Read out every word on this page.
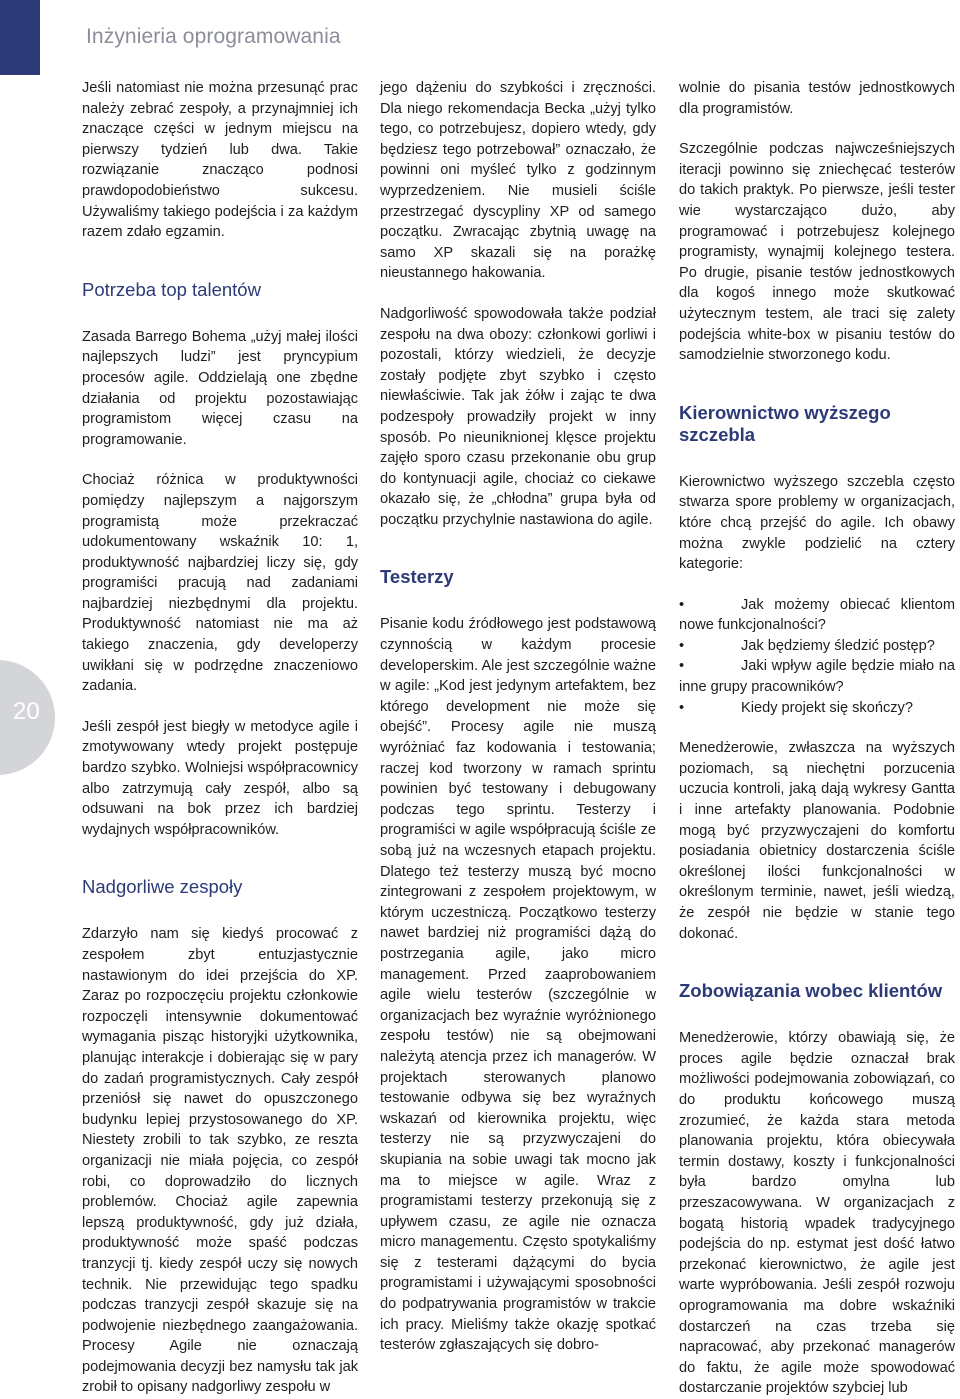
Inżynieria oprogramowania
20

Jeśli natomiast nie można przesunąć prac należy zebrać zespoły, a przynajmniej ich znaczące części w jednym miejscu na pierwszy tydzień lub dwa. Takie rozwiązanie znacząco podnosi prawdopodobieństwo sukcesu. Używaliśmy takiego podejścia i za każdym razem zdało egzamin.

Potrzeba top talentów

Zasada Barrego Bohema „użyj małej ilości najlepszych ludzi” jest pryncypium procesów agile. Oddzielają one zbędne działania od projektu pozostawiając programistom więcej czasu na programowanie.

Chociaż różnica w produktywności pomiędzy najlepszym a najgorszym programistą może przekraczać udokumentowany wskaźnik 10: 1, produktywność najbardziej liczy się, gdy programiści pracują nad zadaniami najbardziej niezbędnymi dla projektu. Produktywność natomiast nie ma aż takiego znaczenia, gdy developerzy uwikłani się w podrzędne znaczeniowo zadania.

Jeśli zespół jest biegły w metodyce agile i zmotywowany wtedy projekt postępuje bardzo szybko. Wolniejsi współpracownicy albo zatrzymują cały zespół, albo są odsuwani na bok przez ich bardziej wydajnych współpracowników.

Nadgorliwe zespoły

Zdarzyło nam się kiedyś procować z zespołem zbyt entuzjastycznie nastawionym do idei przejścia do XP. Zaraz po rozpoczęciu projektu członkowie rozpoczęli intensywnie dokumentować wymagania pisząc historyjki użytkownika, planując interakcje i dobierając się w pary do zadań programistycznych. Cały zespół przeniósł się nawet do opuszczonego budynku lepiej przystosowanego do XP. Niestety zrobili to tak szybko, ze reszta organizacji nie miała pojęcia, co zespół robi, co doprowadziło do licznych problemów. Chociaż agile zapewnia lepszą produktywność, gdy już działa, produktywność może spaść podczas tranzycji tj. kiedy zespół uczy się nowych technik. Nie przewidując tego spadku podczas tranzycji zespół skazuje się na podwojenie niezbędnego zaangażowania. Procesy Agile nie oznaczają podejmowania decyzji bez namysłu tak jak zrobił to opisany nadgorliwy zespołu w

jego dążeniu do szybkości i zręczności. Dla niego rekomendacja Becka „użyj tylko tego, co potrzebujesz, dopiero wtedy, gdy będziesz tego potrzebował” oznaczało, że powinni oni myśleć tylko z godzinnym wyprzedzeniem. Nie musieli ściśle przestrzegać dyscypliny XP od samego początku. Zwracając zbytnią uwagę na samo XP skazali się na porażkę nieustannego hakowania.

Nadgorliwość spowodowała także podział zespołu na dwa obozy: członkowi gorliwi i pozostali, którzy wiedzieli, że decyzje zostały podjęte zbyt szybko i często niewłaściwie. Tak jak żółw i zając te dwa podzespoły prowadziły projekt w inny sposób. Po nieuniknionej klęsce projektu zajęło sporo czasu przekonanie obu grup do kontynuacji agile, chociaż co ciekawe okazało się, że „chłodna” grupa była od początku przychylnie nastawiona do agile.

Testerzy

Pisanie kodu źródłowego jest podstawową czynnością w każdym procesie developerskim. Ale jest szczególnie ważne w agile: „Kod jest jedynym artefaktem, bez którego development nie może się obejść”. Procesy agile nie muszą wyróżniać faz kodowania i testowania; raczej kod tworzony w ramach sprintu powinien być testowany i debugowany podczas tego sprintu. Testerzy i programiści w agile współpracują ściśle ze sobą już na wczesnych etapach projektu. Dlatego też testerzy muszą być mocno zintegrowani z zespołem projektowym, w którym uczestniczą. Początkowo testerzy nawet bardziej niż programiści dążą do postrzegania agile, jako micro management. Przed zaaprobowaniem agile wielu testerów (szczególnie w organizacjach bez wyraźnie wyróżnionego zespołu testów) nie są obejmowani należytą atencja przez ich managerów. W projektach sterowanych planowo testowanie odbywa się bez wyraźnych wskazań od kierownika projektu, więc testerzy nie są przyzwyczajeni do skupiania na sobie uwagi tak mocno jak ma to miejsce w agile. Wraz z programistami testerzy przekonują się z upływem czasu, ze agile nie oznacza micro managementu. Często spotykaliśmy się z testerami dążącymi do bycia programistami i używającymi sposobności do podpatrywania programistów w trakcie ich pracy. Mieliśmy także okazję spotkać testerów zgłaszających się dobro-

wolnie do pisania testów jednostkowych dla programistów.

Szczególnie podczas najwcześniejszych iteracji powinno się zniechęcać testerów do takich praktyk. Po pierwsze, jeśli tester wie wystarczająco dużo, aby programować i potrzebujesz kolejnego programisty, wynajmij kolejnego testera. Po drugie, pisanie testów jednostkowych dla kogoś innego może skutkować użytecznym testem, ale traci się zalety podejścia white-box w pisaniu testów do samodzielnie stworzonego kodu.

Kierownictwo wyższego szczebla

Kierownictwo wyższego szczebla często stwarza spore problemy w organizacjach, które chcą przejść do agile. Ich obawy można zwykle podzielić na cztery kategorie:

•	Jak możemy obiecać klientom nowe funkcjonalności?
•	Jak będziemy śledzić postęp?
•	Jaki wpływ agile będzie miało na inne grupy pracowników?
•	Kiedy projekt się skończy?

Menedżerowie, zwłaszcza na wyższych poziomach, są niechętni porzucenia uczucia kontroli, jaką dają wykresy Gantta i inne artefakty planowania. Podobnie mogą być przyzwyczajeni do komfortu posiadania obietnicy dostarczenia ściśle określonej ilości funkcjonalności w określonym terminie, nawet, jeśli wiedzą, że zespół nie będzie w stanie tego dokonać.

Zobowiązania wobec klientów

Menedżerowie, którzy obawiają się, że proces agile będzie oznaczał brak możliwości podejmowania zobowiązań, co do produktu końcowego muszą zrozumieć, że każda stara metoda planowania projektu, która obiecywała termin dostawy, koszty i funkcjonalności była bardzo omylna lub przeszacowywana. W organizacjach z bogatą historią wpadek tradycyjnego podejścia do np. estymat jest dość łatwo przekonać kierownictwo, że agile jest warte wypróbowania. Jeśli zespół rozwoju oprogramowania ma dobre wskaźniki dostarczeń na czas trzeba się napracować, aby przekonać managerów do faktu, że agile może spowodować dostarczanie projektów szybciej lub
